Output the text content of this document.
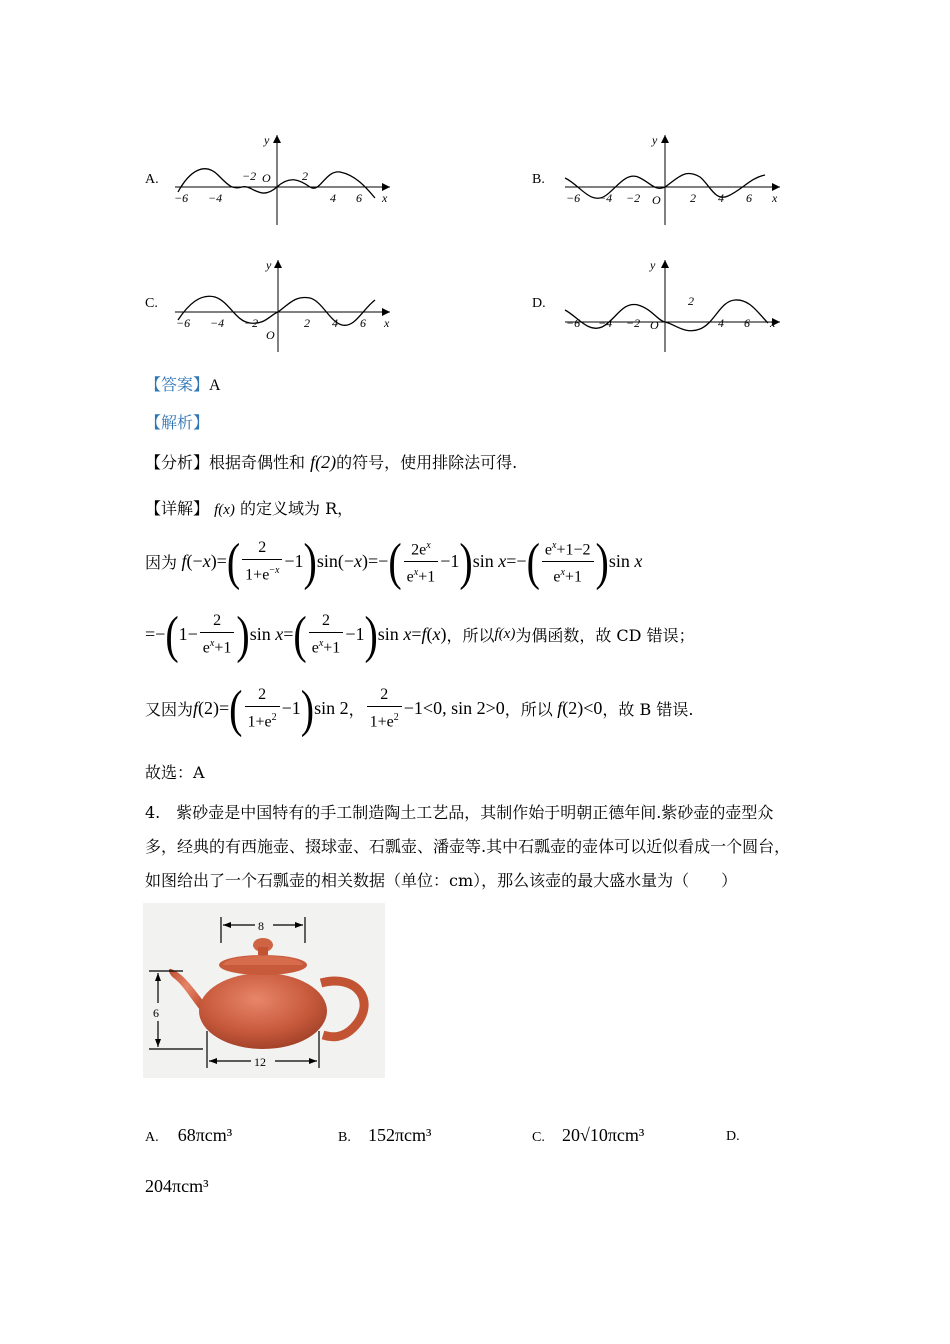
A.
−6 −4
−2 O	2
4 6 x
y
B.
−6 −4 −2 O 2 4 6 x
y
C.
−6 −4 −2
O
2 4 6 x
y
D.
−6 −4 −2 O
2
4 6 x
y
【答案】A
【解析】
【分析】根据奇偶性和 f(2)的符号，使用排除法可得.
【详解】 f(x) 的定义域为 R，
因为 f(−x)= ( $\frac{2}{1+e^{-x}} -1$ ) sin(−x)=− ( $\frac{2e^x}{e^x+1} -1$ ) sin x=− ( $\frac{e^x+1-2}{e^x+1}$ ) sin x
=− ( $1- \frac{2}{e^x+1}$ ) sin x= ( $\frac{2}{e^x+1} -1$ ) sin x=f(x) ，所以 f(x) 为偶函数，故 CD 错误；
又因为 f(2)= ( $\frac{2}{1+e^2} -1$ ) sin 2 ， $\frac{2}{1+e^2} -1<0$, sin 2>0 ，所以 f(2)<0 ，故 B 错误.
故选：A
4.　紫砂壶是中国特有的手工制造陶土工艺品，其制作始于明朝正德年间.紫砂壶的壶型众
多，经典的有西施壶、掇球壶、石瓢壶、潘壶等.其中石瓢壶的壶体可以近似看成一个圆台，
如图给出了一个石瓢壶的相关数据（单位：cm），那么该壶的最大盛水量为（　　）
8
6
12
A. 68πcm³	B. 152πcm³	C. 20√10πcm³	D.
204πcm³
